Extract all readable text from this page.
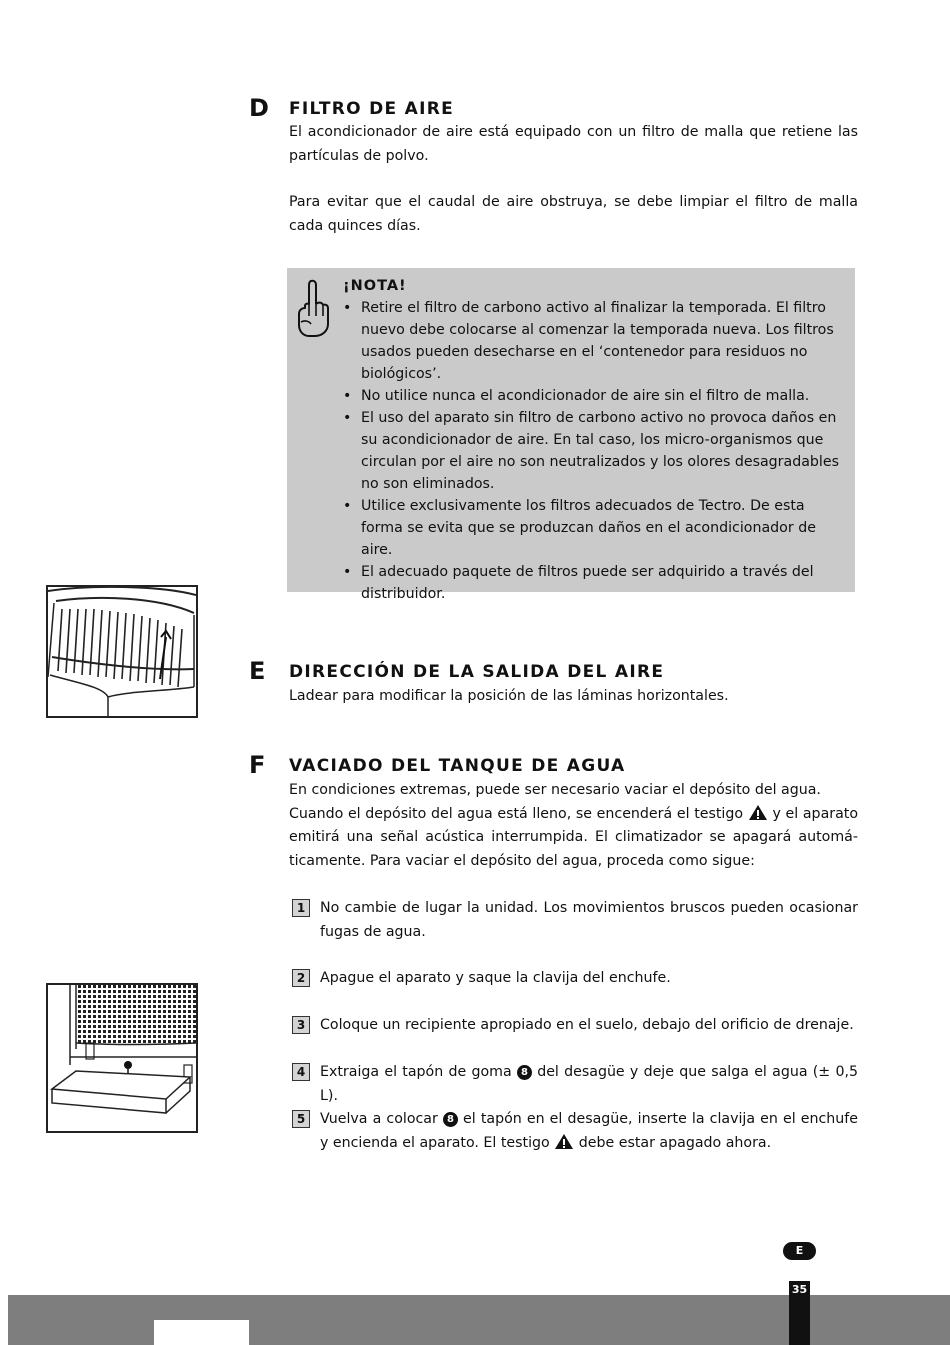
D FILTRO DE AIRE

El acondicionador de aire está equipado con un filtro de malla que retiene las partículas de polvo.

Para evitar que el caudal de aire obstruya, se debe limpiar el filtro de malla cada quinces días.

¡NOTA!
• Retire el filtro de carbono activo al finalizar la temporada. El filtro nuevo debe colocarse al comenzar la temporada nueva. Los filtros usados pueden desecharse en el ‘contenedor para residuos no biológicos’.
• No utilice nunca el acondicionador de aire sin el filtro de malla.
• El uso del aparato sin filtro de carbono activo no provoca daños en su acondicionador de aire. En tal caso, los micro-organismos que circulan por el aire no son neutralizados y los olores desagradables no son eliminados.
• Utilice exclusivamente los filtros adecuados de Tectro. De esta forma se evita que se produzcan daños en el acondicionador de aire.
• El adecuado paquete de filtros puede ser adquirido a través del distribuidor.
E DIRECCIÓN DE LA SALIDA DEL AIRE

Ladear para modificar la posición de las láminas horizontales.

F VACIADO DEL TANQUE DE AGUA

En condiciones extremas, puede ser necesario vaciar el depósito del agua.
Cuando el depósito del agua está lleno, se encenderá el testigo y el aparato emitirá una señal acústica interrumpida. El climatizador se apagará automá-ticamente. Para vaciar el depósito del agua, proceda como sigue:

1	No cambie de lugar la unidad. Los movimientos bruscos pueden ocasionar fugas de agua.

2	Apague el aparato y saque la clavija del enchufe.

3	Coloque un recipiente apropiado en el suelo, debajo del orificio de drenaje.

4	Extraiga el tapón de goma 8 del desagüe y deje que salga el agua (± 0,5 L).

5	Vuelva a colocar 8 el tapón en el desagüe, inserte la clavija en el enchufe y encienda el aparato. El testigo debe estar apagado ahora.

E
35
